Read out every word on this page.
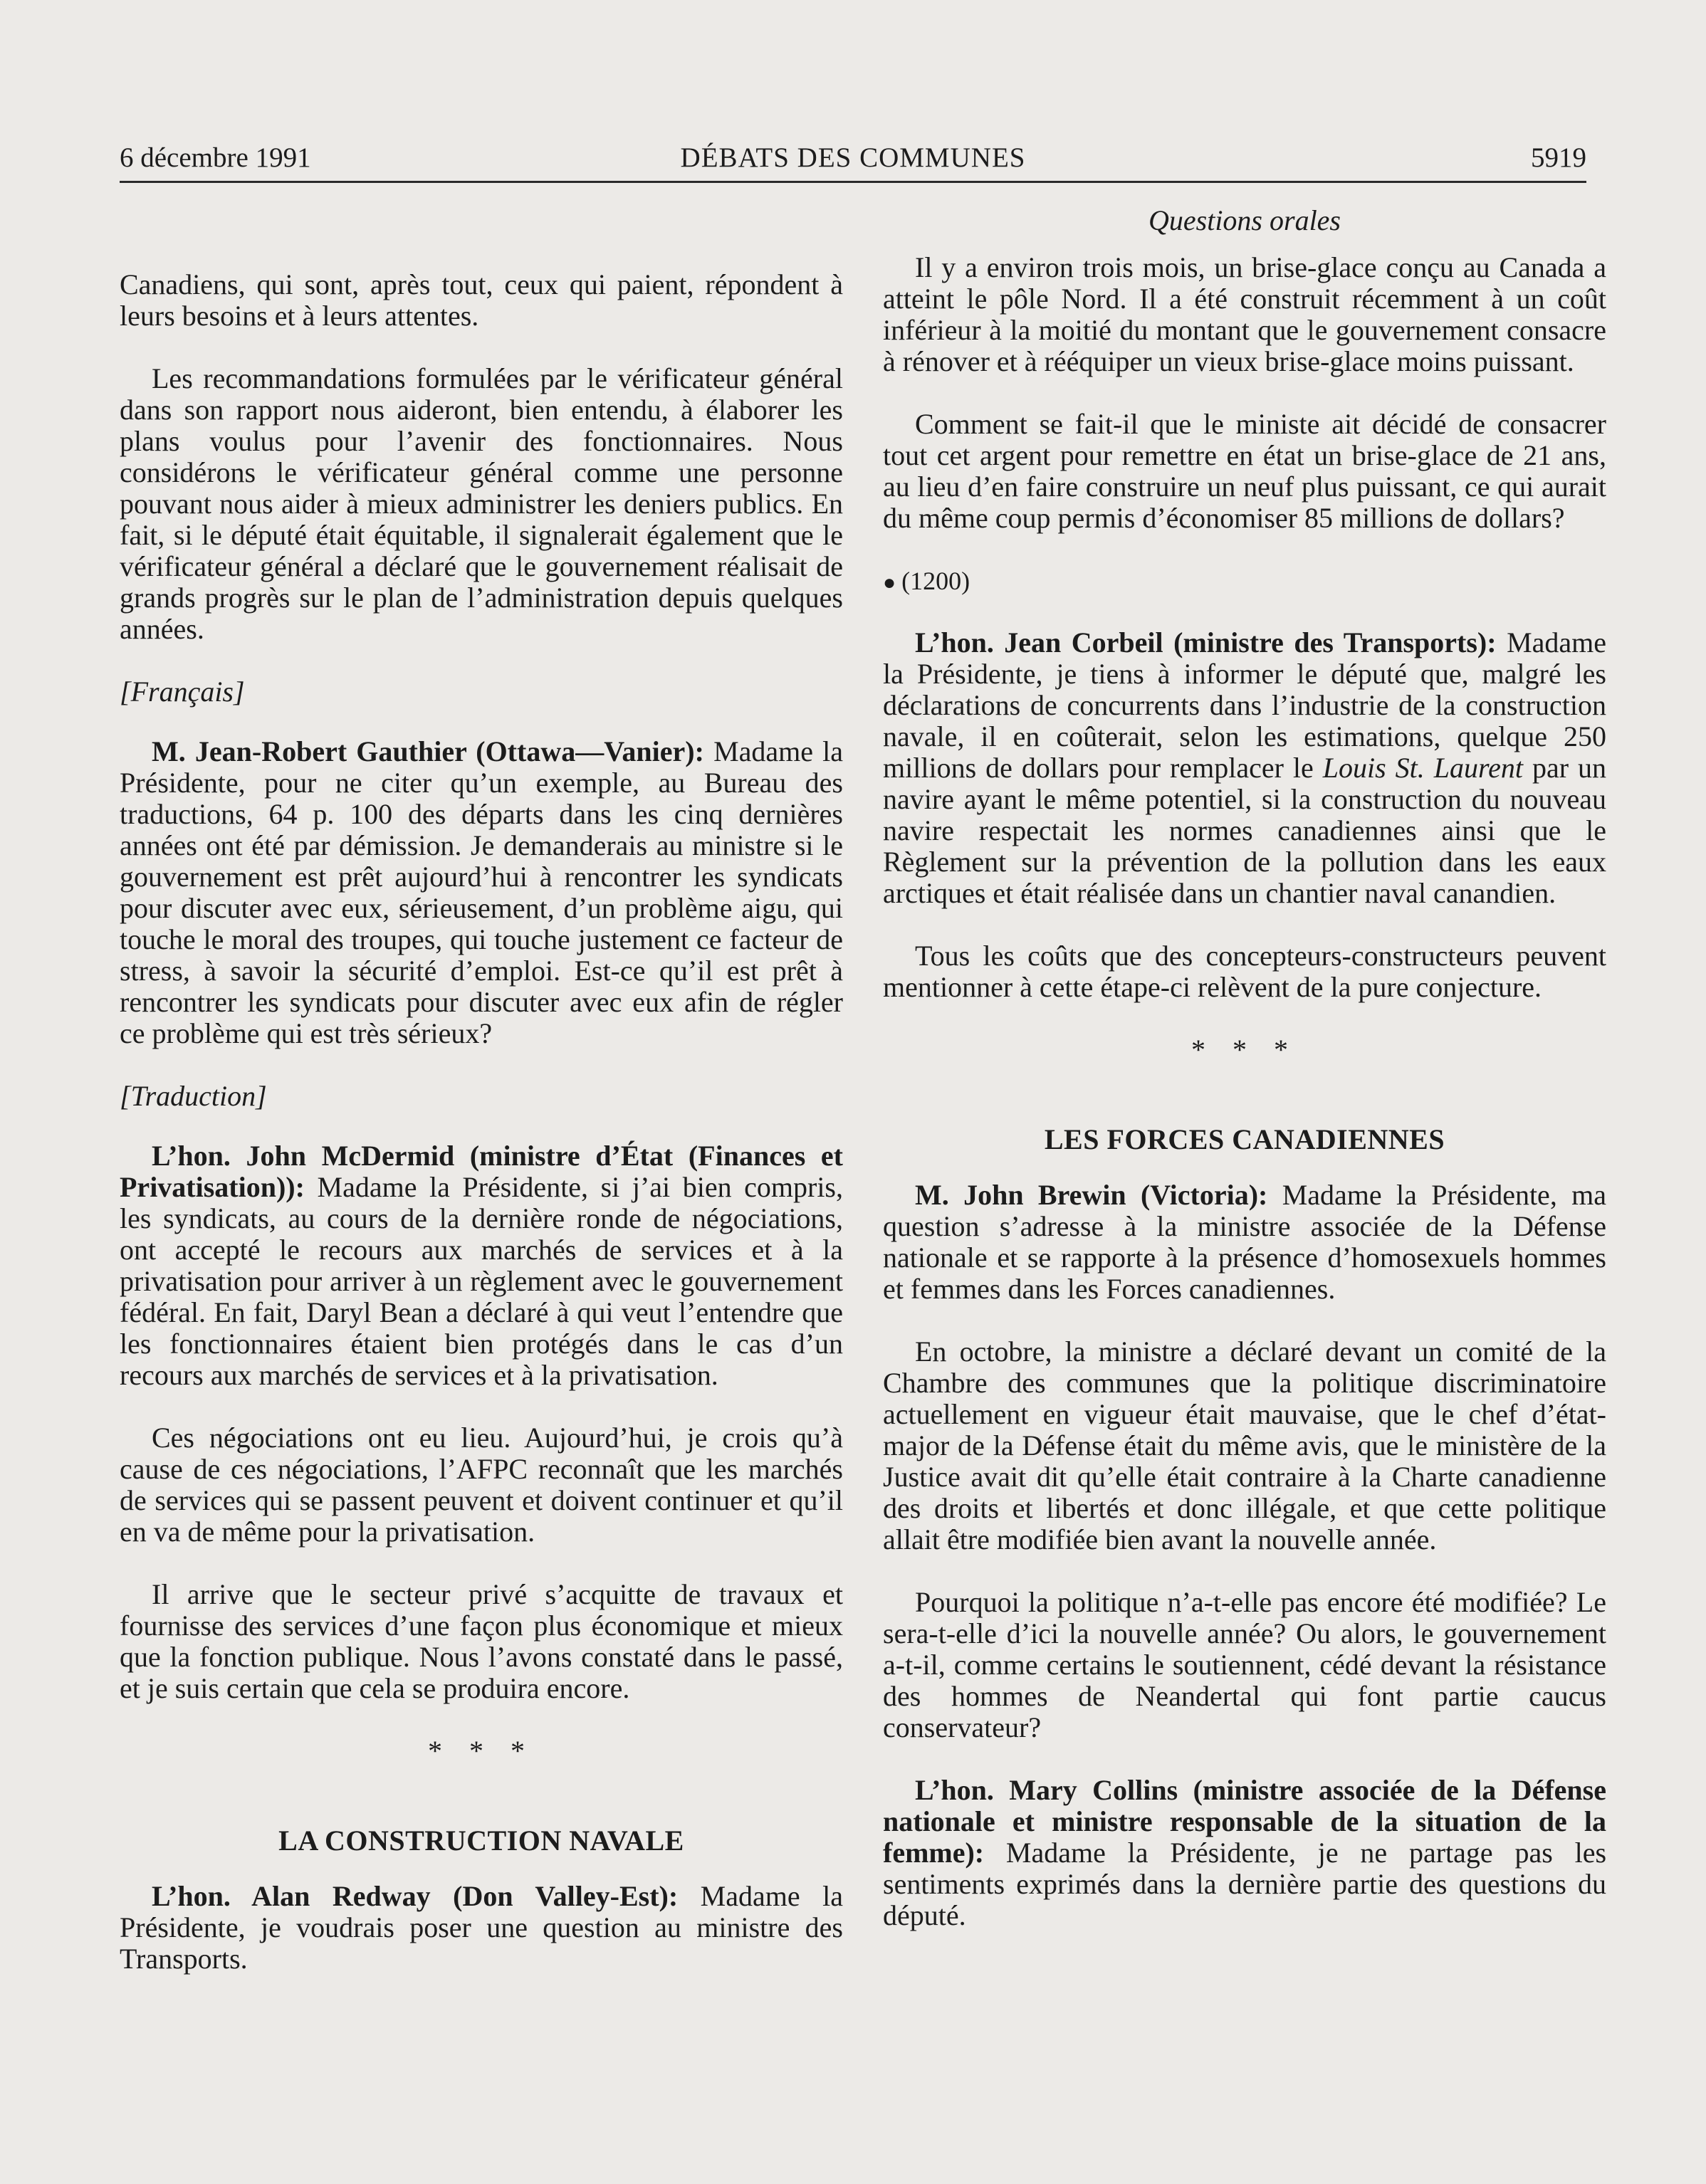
6 décembre 1991	DÉBATS DES COMMUNES	5919

Canadiens, qui sont, après tout, ceux qui paient, répondent à leurs besoins et à leurs attentes.

Les recommandations formulées par le vérificateur général dans son rapport nous aideront, bien entendu, à élaborer les plans voulus pour l’avenir des fonctionnaires. Nous considérons le vérificateur général comme une personne pouvant nous aider à mieux administrer les deniers publics. En fait, si le député était équitable, il signalerait également que le vérificateur général a déclaré que le gouvernement réalisait de grands progrès sur le plan de l’administration depuis quelques années.

[Français]

M. Jean-Robert Gauthier (Ottawa—Vanier): Madame la Présidente, pour ne citer qu’un exemple, au Bureau des traductions, 64 p. 100 des départs dans les cinq dernières années ont été par démission. Je demanderais au ministre si le gouvernement est prêt aujourd’hui à rencontrer les syndicats pour discuter avec eux, sérieusement, d’un problème aigu, qui touche le moral des troupes, qui touche justement ce facteur de stress, à savoir la sécurité d’emploi. Est-ce qu’il est prêt à rencontrer les syndicats pour discuter avec eux afin de régler ce problème qui est très sérieux?

[Traduction]

L’hon. John McDermid (ministre d’État (Finances et Privatisation)): Madame la Présidente, si j’ai bien compris, les syndicats, au cours de la dernière ronde de négociations, ont accepté le recours aux marchés de services et à la privatisation pour arriver à un règlement avec le gouvernement fédéral. En fait, Daryl Bean a déclaré à qui veut l’entendre que les fonctionnaires étaient bien protégés dans le cas d’un recours aux marchés de services et à la privatisation.

Ces négociations ont eu lieu. Aujourd’hui, je crois qu’à cause de ces négociations, l’AFPC reconnaît que les marchés de services qui se passent peuvent et doivent continuer et qu’il en va de même pour la privatisation.

Il arrive que le secteur privé s’acquitte de travaux et fournisse des services d’une façon plus économique et mieux que la fonction publique. Nous l’avons constaté dans le passé, et je suis certain que cela se produira encore.

* * *

LA CONSTRUCTION NAVALE

L’hon. Alan Redway (Don Valley-Est): Madame la Présidente, je voudrais poser une question au ministre des Transports.

Questions orales

Il y a environ trois mois, un brise-glace conçu au Canada a atteint le pôle Nord. Il a été construit récemment à un coût inférieur à la moitié du montant que le gouvernement consacre à rénover et à rééquiper un vieux brise-glace moins puissant.

Comment se fait-il que le ministe ait décidé de consacrer tout cet argent pour remettre en état un brise-glace de 21 ans, au lieu d’en faire construire un neuf plus puissant, ce qui aurait du même coup permis d’économiser 85 millions de dollars?

● (1200)

L’hon. Jean Corbeil (ministre des Transports): Madame la Présidente, je tiens à informer le député que, malgré les déclarations de concurrents dans l’industrie de la construction navale, il en coûterait, selon les estimations, quelque 250 millions de dollars pour remplacer le Louis St. Laurent par un navire ayant le même potentiel, si la construction du nouveau navire respectait les normes canadiennes ainsi que le Règlement sur la prévention de la pollution dans les eaux arctiques et était réalisée dans un chantier naval canandien.

Tous les coûts que des concepteurs-constructeurs peuvent mentionner à cette étape-ci relèvent de la pure conjecture.

* * *

LES FORCES CANADIENNES

M. John Brewin (Victoria): Madame la Présidente, ma question s’adresse à la ministre associée de la Défense nationale et se rapporte à la présence d’homosexuels hommes et femmes dans les Forces canadiennes.

En octobre, la ministre a déclaré devant un comité de la Chambre des communes que la politique discriminatoire actuellement en vigueur était mauvaise, que le chef d’état-major de la Défense était du même avis, que le ministère de la Justice avait dit qu’elle était contraire à la Charte canadienne des droits et libertés et donc illégale, et que cette politique allait être modifiée bien avant la nouvelle année.

Pourquoi la politique n’a-t-elle pas encore été modifiée? Le sera-t-elle d’ici la nouvelle année? Ou alors, le gouvernement a-t-il, comme certains le soutiennent, cédé devant la résistance des hommes de Neandertal qui font partie caucus conservateur?

L’hon. Mary Collins (ministre associée de la Défense nationale et ministre responsable de la situation de la femme): Madame la Présidente, je ne partage pas les sentiments exprimés dans la dernière partie des questions du député.
